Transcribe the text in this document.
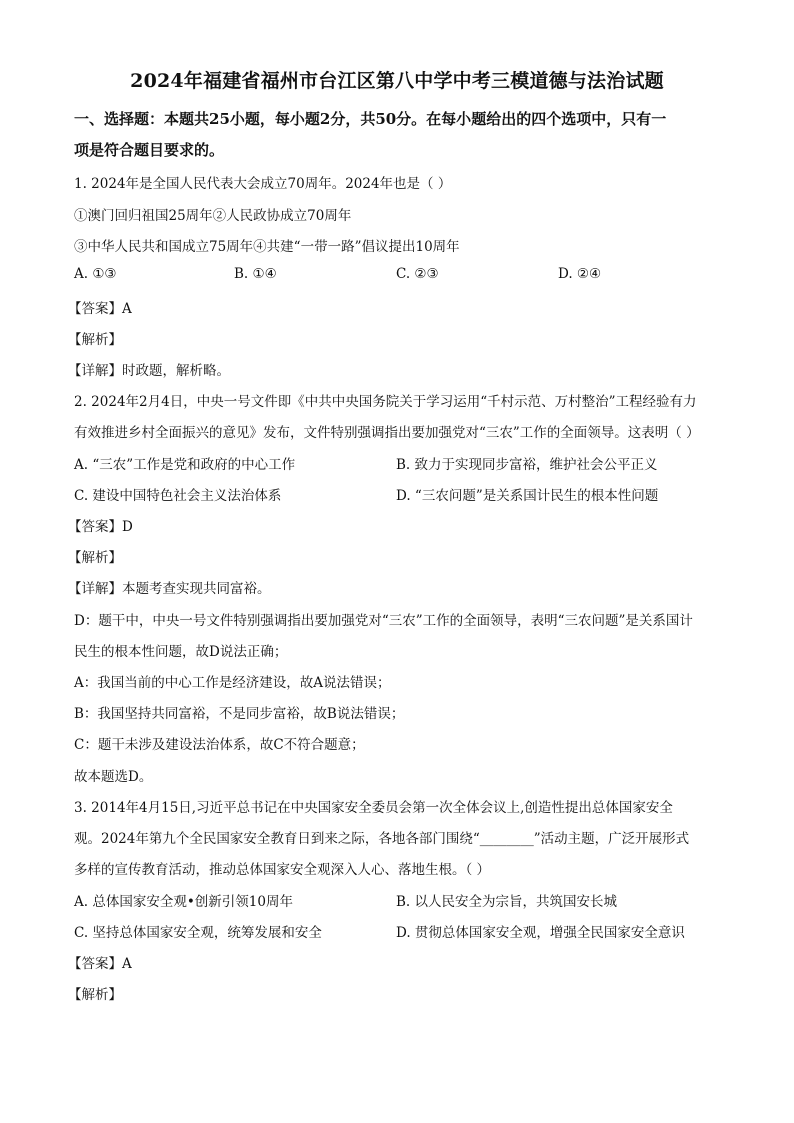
2024年福建省福州市台江区第八中学中考三模道德与法治试题
一、选择题：本题共25小题，每小题2分，共50分。在每小题给出的四个选项中，只有一
项是符合题目要求的。
1. 2024年是全国人民代表大会成立70周年。2024年也是（ ）
①澳门回归祖国25周年②人民政协成立70周年
③中华人民共和国成立75周年④共建“一带一路”倡议提出10周年
A. ①③	B. ①④	C. ②③	D. ②④
【答案】A
【解析】
【详解】时政题，解析略。
2. 2024年2月4日，中央一号文件即《中共中央国务院关于学习运用“千村示范、万村整治”工程经验有力
有效推进乡村全面振兴的意见》发布，文件特别强调指出要加强党对“三农”工作的全面领导。这表明（ ）
A. “三农”工作是党和政府的中心工作	B. 致力于实现同步富裕，维护社会公平正义
C. 建设中国特色社会主义法治体系	D. “三农问题”是关系国计民生的根本性问题
【答案】D
【解析】
【详解】本题考查实现共同富裕。
D：题干中，中央一号文件特别强调指出要加强党对“三农”工作的全面领导，表明“三农问题”是关系国计
民生的根本性问题，故D说法正确；
A：我国当前的中心工作是经济建设，故A说法错误；
B：我国坚持共同富裕，不是同步富裕，故B说法错误；
C：题干未涉及建设法治体系，故C不符合题意；
故本题选D。
3. 2014年4月15日,习近平总书记在中央国家安全委员会第一次全体会议上,创造性提出总体国家安全
观。2024年第九个全民国家安全教育日到来之际，各地各部门围绕“________”活动主题，广泛开展形式
多样的宣传教育活动，推动总体国家安全观深入人心、落地生根。（ ）
A. 总体国家安全观•创新引领10周年	B. 以人民安全为宗旨，共筑国安长城
C. 坚持总体国家安全观，统筹发展和安全	D. 贯彻总体国家安全观，增强全民国家安全意识
【答案】A
【解析】
